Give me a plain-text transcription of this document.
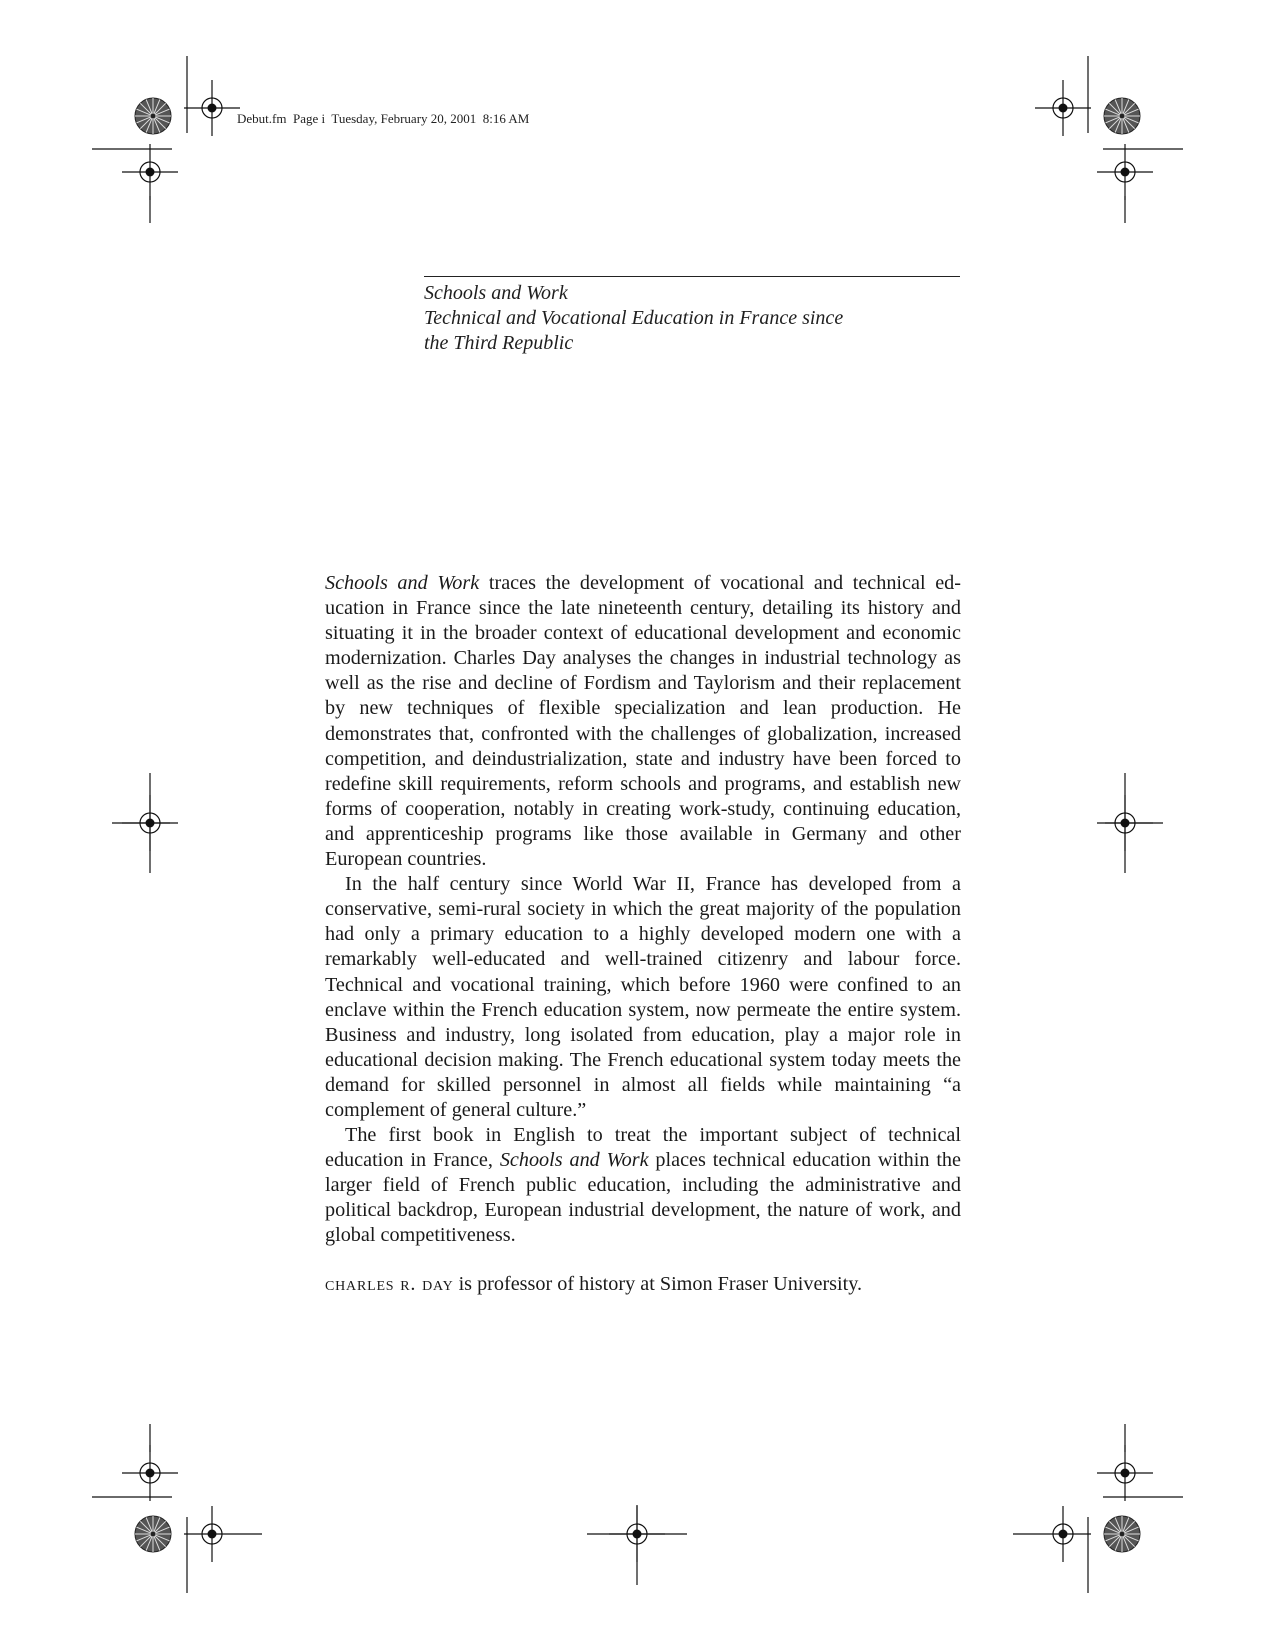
Debut.fm  Page i  Tuesday, February 20, 2001  8:16 AM
Schools and Work
Technical and Vocational Education in France since
the Third Republic

Schools and Work traces the development of vocational and technical education in France since the late nineteenth century, detailing its history and situating it in the broader context of educational development and economic modernization. Charles Day analyses the changes in industrial technology as well as the rise and decline of Fordism and Taylorism and their replacement by new techniques of flexible specialization and lean production. He demonstrates that, confronted with the challenges of globalization, increased competition, and deindustrialization, state and industry have been forced to redefine skill requirements, reform schools and programs, and establish new forms of cooperation, notably in creating work-study, continuing education, and apprenticeship programs like those available in Germany and other European countries.

In the half century since World War II, France has developed from a conservative, semi-rural society in which the great majority of the population had only a primary education to a highly developed modern one with a remarkably well-educated and well-trained citizenry and labour force. Technical and vocational training, which before 1960 were confined to an enclave within the French education system, now permeate the entire system. Business and industry, long isolated from education, play a major role in educational decision making. The French educational system today meets the demand for skilled personnel in almost all fields while maintaining “a complement of general culture.”

The first book in English to treat the important subject of technical education in France, Schools and Work places technical education within the larger field of French public education, including the administrative and political backdrop, European industrial development, the nature of work, and global competitiveness.

charles r. day is professor of history at Simon Fraser University.
